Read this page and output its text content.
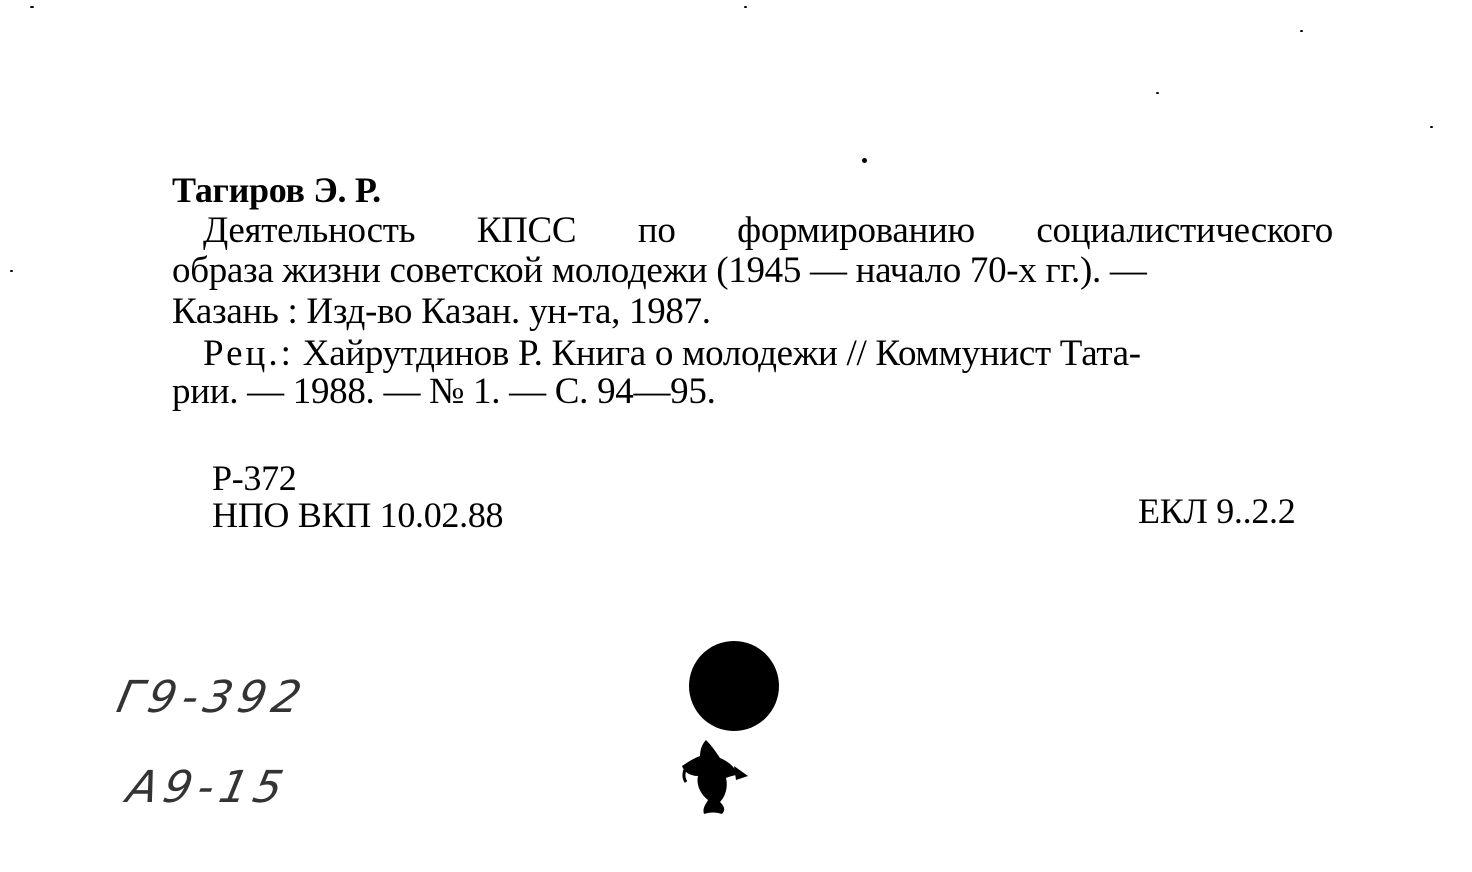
Тагиров Э. Р.
Деятельность КПСС по формированию социалистического
образа жизни советской молодежи (1945 — начало 70-х гг.). —
Казань : Изд-во Казан. ун-та, 1987.
Рец.: Хайрутдинов Р. Книга о молодежи // Коммунист Тата-
рии. — 1988. — № 1. — С. 94—95.
Р-372
НПО ВКП 10.02.88	ЕКЛ 9..2.2
Г9-392
А9-15
